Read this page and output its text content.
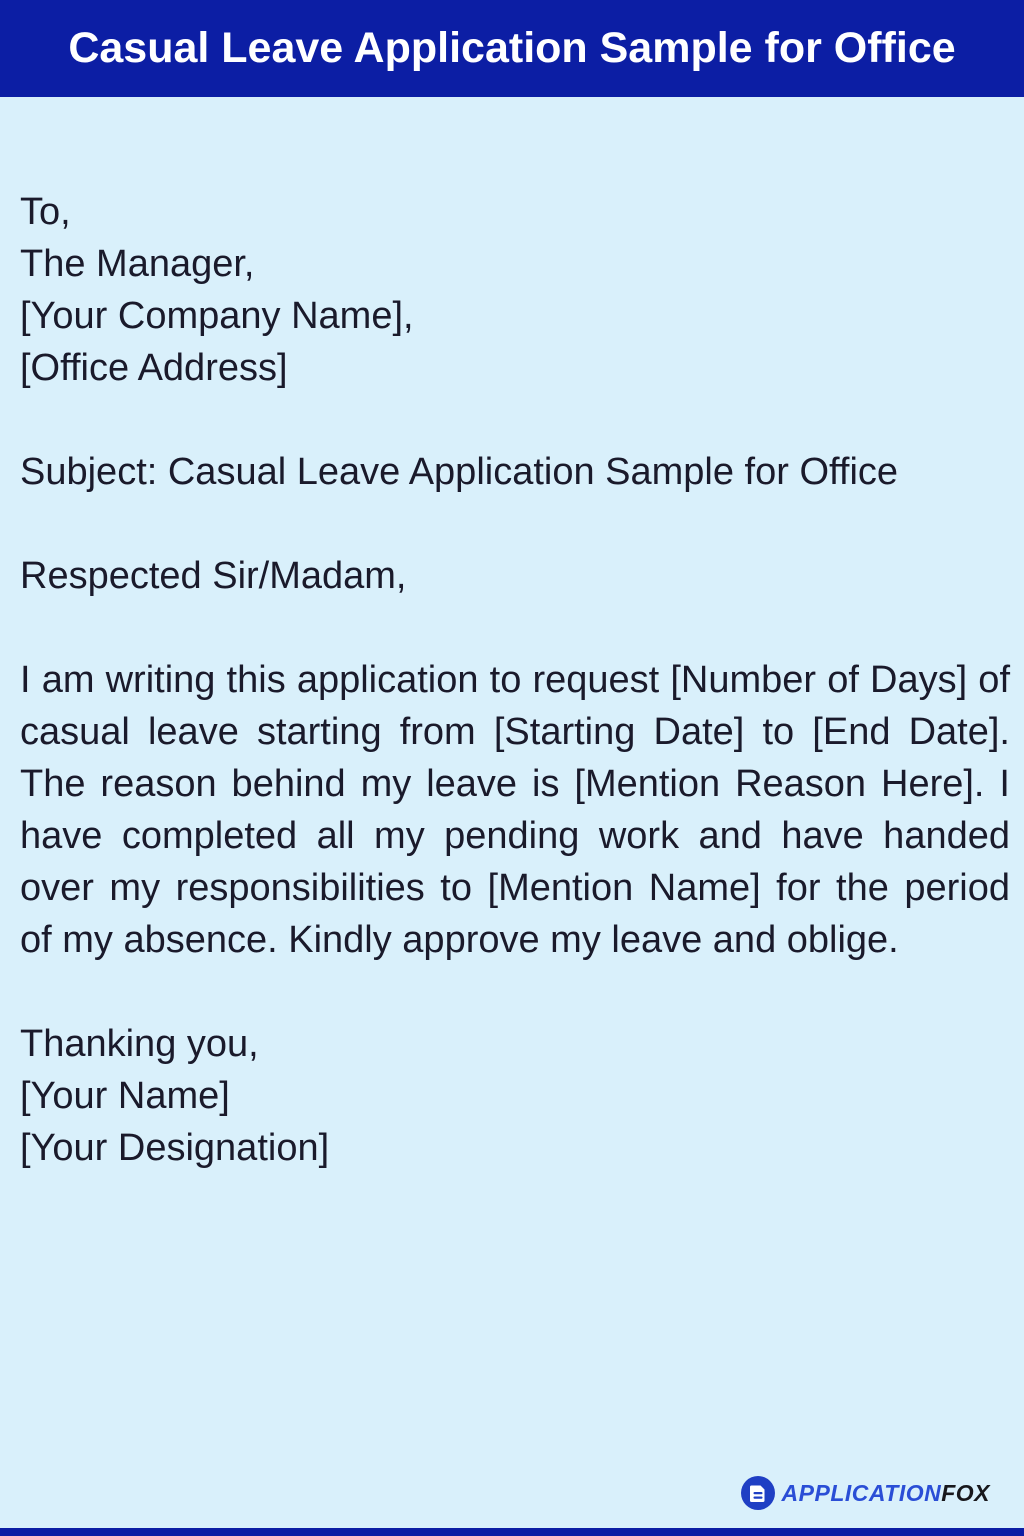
Casual Leave Application Sample for Office

To,

The Manager,

[Your Company Name],

[Office Address]

Subject: Casual Leave Application Sample for Office

Respected Sir/Madam,

I am writing this application to request [Number of Days] of casual leave starting from [Starting Date] to [End Date]. The reason behind my leave is [Mention Reason Here]. I have completed all my pending work and have handed over my responsibilities to [Mention Name] for the period of my absence. Kindly approve my leave and oblige.

Thanking you,

[Your Name]

[Your Designation]

APPLICATIONFOX
